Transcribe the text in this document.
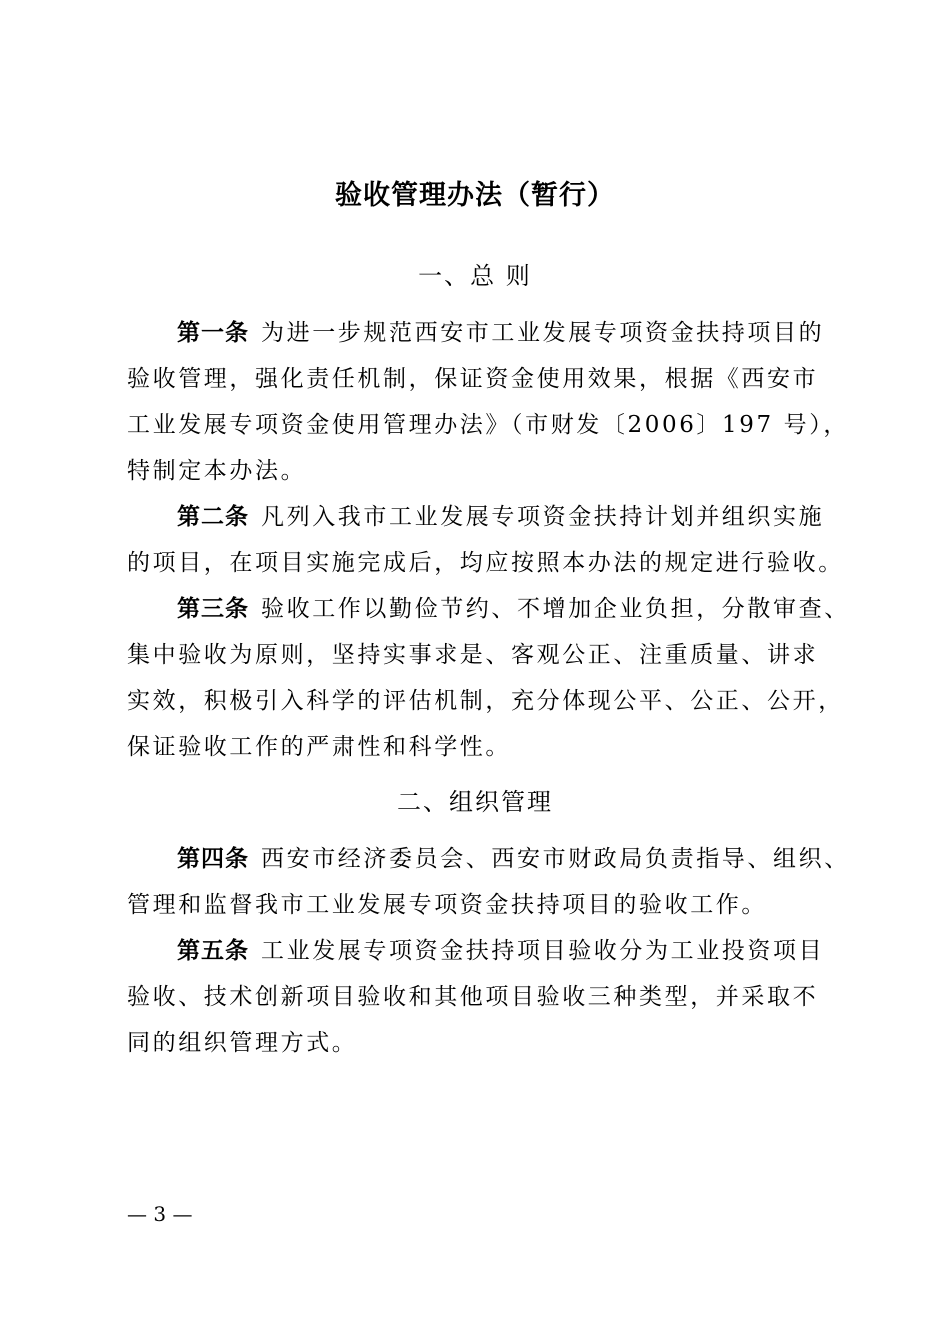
验收管理办法（暂行）
一、总 则
第一条 为进一步规范西安市工业发展专项资金扶持项目的
验收管理，强化责任机制，保证资金使用效果，根据《西安市
工业发展专项资金使用管理办法》（市财发〔2006〕197 号），
特制定本办法。
第二条 凡列入我市工业发展专项资金扶持计划并组织实施
的项目，在项目实施完成后，均应按照本办法的规定进行验收。
第三条 验收工作以勤俭节约、不增加企业负担，分散审查、
集中验收为原则，坚持实事求是、客观公正、注重质量、讲求
实效，积极引入科学的评估机制，充分体现公平、公正、公开，
保证验收工作的严肃性和科学性。
二、组织管理
第四条 西安市经济委员会、西安市财政局负责指导、组织、
管理和监督我市工业发展专项资金扶持项目的验收工作。
第五条 工业发展专项资金扶持项目验收分为工业投资项目
验收、技术创新项目验收和其他项目验收三种类型，并采取不
同的组织管理方式。
— 3 —
